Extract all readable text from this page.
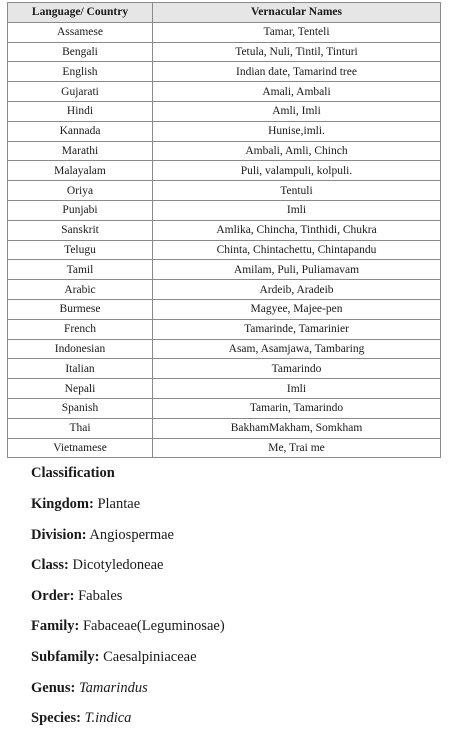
Language/ Country	Vernacular Names
Assamese	Tamar, Tenteli
Bengali	Tetula, Nuli, Tintil, Tinturi
English	Indian date, Tamarind tree
Gujarati	Amali, Ambali
Hindi	Amli, Imli
Kannada	Hunise,imli.
Marathi	Ambali, Amli, Chinch
Malayalam	Puli, valampuli, kolpuli.
Oriya	Tentuli
Punjabi	Imli
Sanskrit	Amlika, Chincha, Tinthidi, Chukra
Telugu	Chinta, Chintachettu, Chintapandu
Tamil	Amilam, Puli, Puliamavam
Arabic	Ardeib, Aradeib
Burmese	Magyee, Majee-pen
French	Tamarinde, Tamarinier
Indonesian	Asam, Asamjawa, Tambaring
Italian	Tamarindo
Nepali	Imli
Spanish	Tamarin, Tamarindo
Thai	BakhamMakham, Somkham
Vietnamese	Me, Trai me

Classification

Kingdom: Plantae

Division: Angiospermae

Class: Dicotyledoneae

Order: Fabales

Family: Fabaceae(Leguminosae)

Subfamily: Caesalpiniaceae

Genus: Tamarindus

Species: T.indica
